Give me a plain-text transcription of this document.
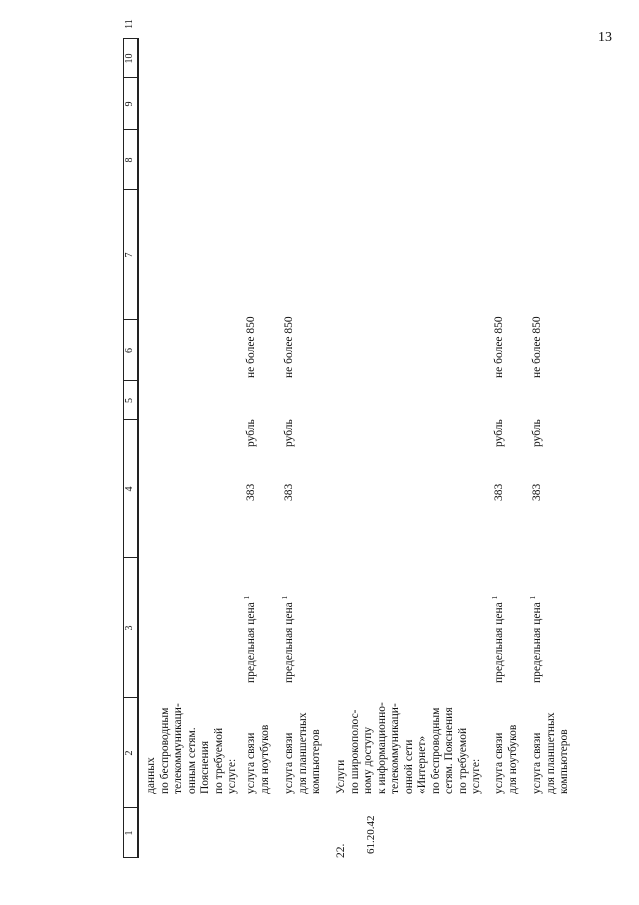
13
1
2
3
4
5
6
7
8
9
10
11
данных по беспроводным телекоммуникаци- онным сетям. Пояснения по требуемой услуге: услуга связи для ноутбуков
предельная цена $^1$
383
рубль
не более 850
услуга связи для планшетных компьютеров
предельная цена $^1$
383
рубль
не более 850
22. 61.20.42
Услуги по широкополос- ному доступу к информационно- телекоммуникаци- онной сети «Интернет» по беспроводным сетям. Пояснения по требуемой услуге: услуга связи для ноутбуков
предельная цена $^1$
383
рубль
не более 850
услуга связи для планшетных компьютеров
предельная цена $^1$
383
рубль
не более 850
